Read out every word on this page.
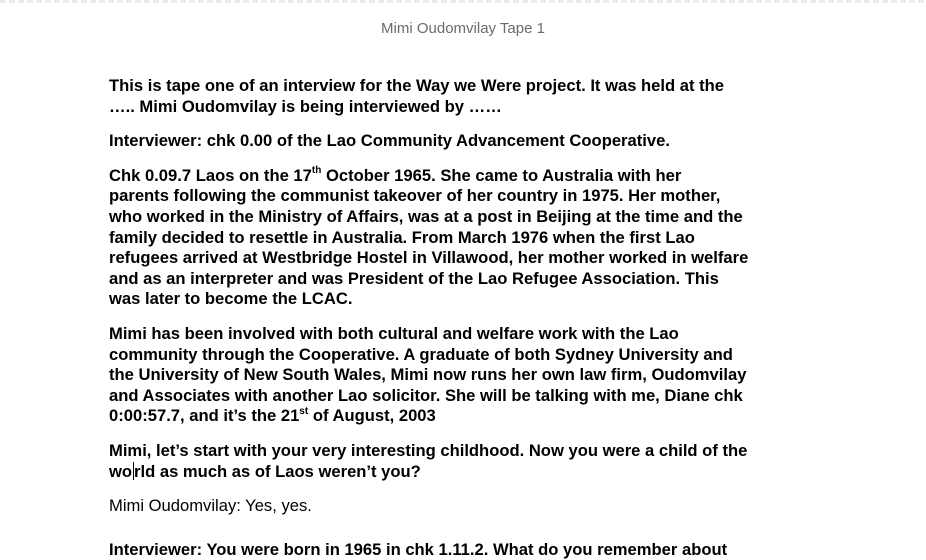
Mimi Oudomvilay Tape 1

This is tape one of an interview for the Way we Were project. It was held at the
….. Mimi Oudomvilay is being interviewed by ……

Interviewer: chk 0.00 of the Lao Community Advancement Cooperative.

Chk 0.09.7 Laos on the 17th October 1965. She came to Australia with her
parents following the communist takeover of her country in 1975. Her mother,
who worked in the Ministry of Affairs, was at a post in Beijing at the time and the
family decided to resettle in Australia. From March 1976 when the first Lao
refugees arrived at Westbridge Hostel in Villawood, her mother worked in welfare
and as an interpreter and was President of the Lao Refugee Association. This
was later to become the LCAC.

Mimi has been involved with both cultural and welfare work with the Lao
community through the Cooperative. A graduate of both Sydney University and
the University of New South Wales, Mimi now runs her own law firm, Oudomvilay
and Associates with another Lao solicitor. She will be talking with me, Diane chk
0:00:57.7, and it’s the 21st of August, 2003

Mimi, let’s start with your very interesting childhood. Now you were a child of the
wo rld as much as of Laos weren’t you?

Mimi Oudomvilay: Yes, yes.

Interviewer: You were born in 1965 in chk 1.11.2. What do you remember about
